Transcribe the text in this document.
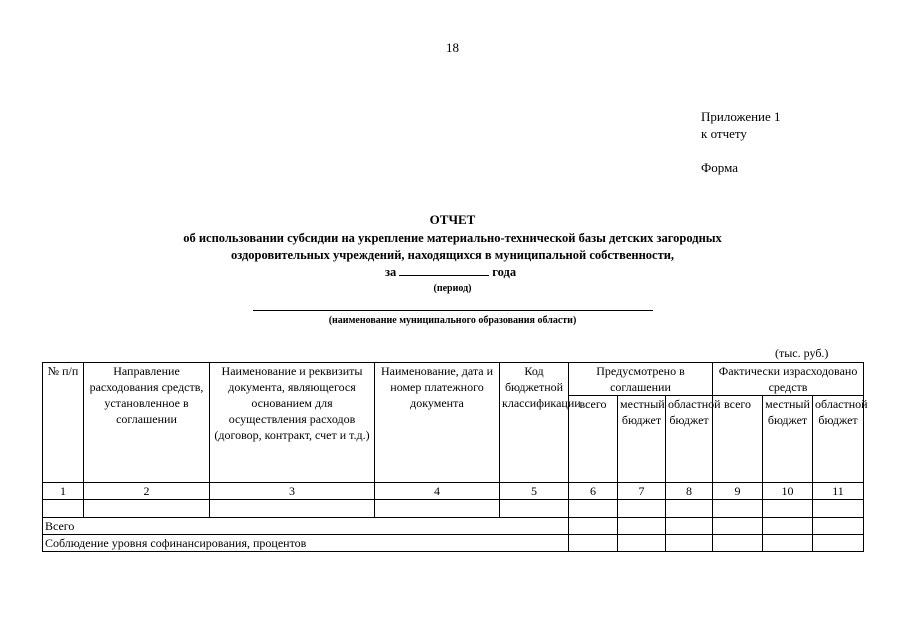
18
Приложение 1
к отчету
Форма
ОТЧЕТ
об использовании субсидии на укрепление материально-технической базы детских загородных
оздоровительных учреждений, находящихся в муниципальной собственности,
за	года
(период)
(наименование муниципального образования области)
(тыс. руб.)
№ п/п	Направление расходования средств, установленное в соглашении	Наименование и реквизиты документа, являющегося основанием для осуществления расходов (договор, контракт, счет и т.д.)	Наименование, дата и номер платежного документа	Код бюджетной классификации	Предусмотрено в соглашении			Фактически израсходовано средств		
					всего	местный бюджет	областной бюджет	всего	местный бюджет	областной бюджет
1	2	3	4	5	6	7	8	9	10	11

Всего										
Соблюдение уровня софинансирования, процентов										
